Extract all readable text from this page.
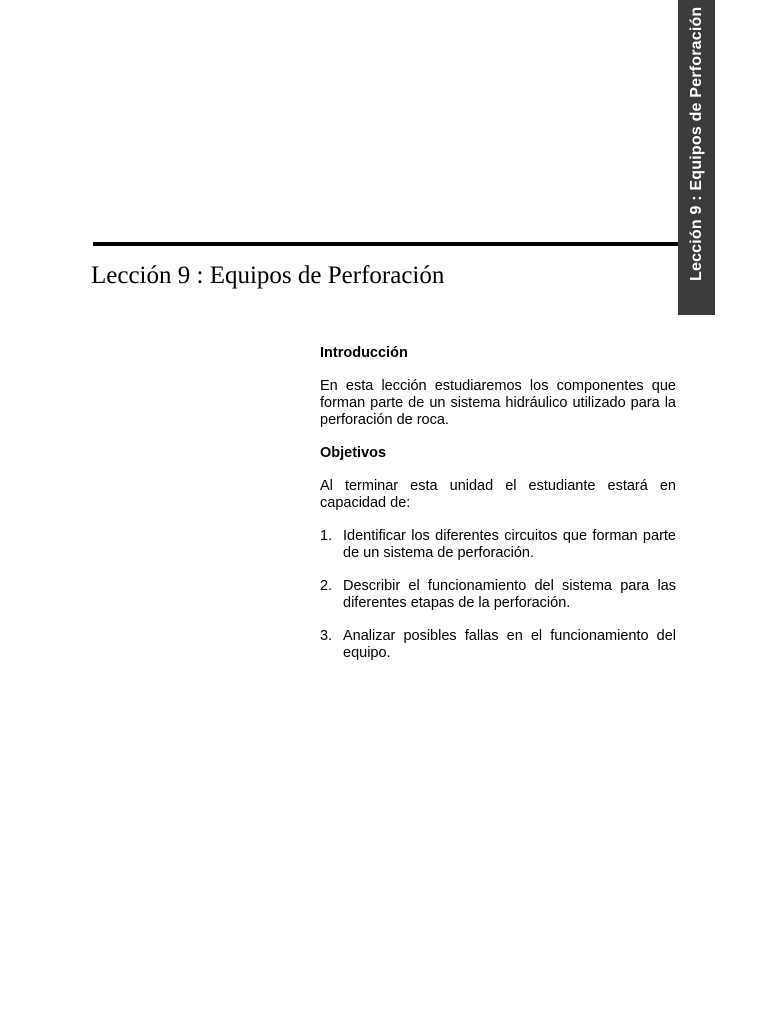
Lección 9 : Equipos de Perforación
Lección 9 : Equipos de Perforación
Introducción

En esta lección estudiaremos los componentes que forman parte de un sistema hidráulico utilizado para la perforación de roca.

Objetivos

Al terminar esta unidad el estudiante estará en capacidad de:

1. Identificar los diferentes circuitos que forman parte de un sistema de perforación.
2. Describir el funcionamiento del sistema para las diferentes etapas de la perforación.
3. Analizar posibles fallas en el funcionamiento del equipo.
